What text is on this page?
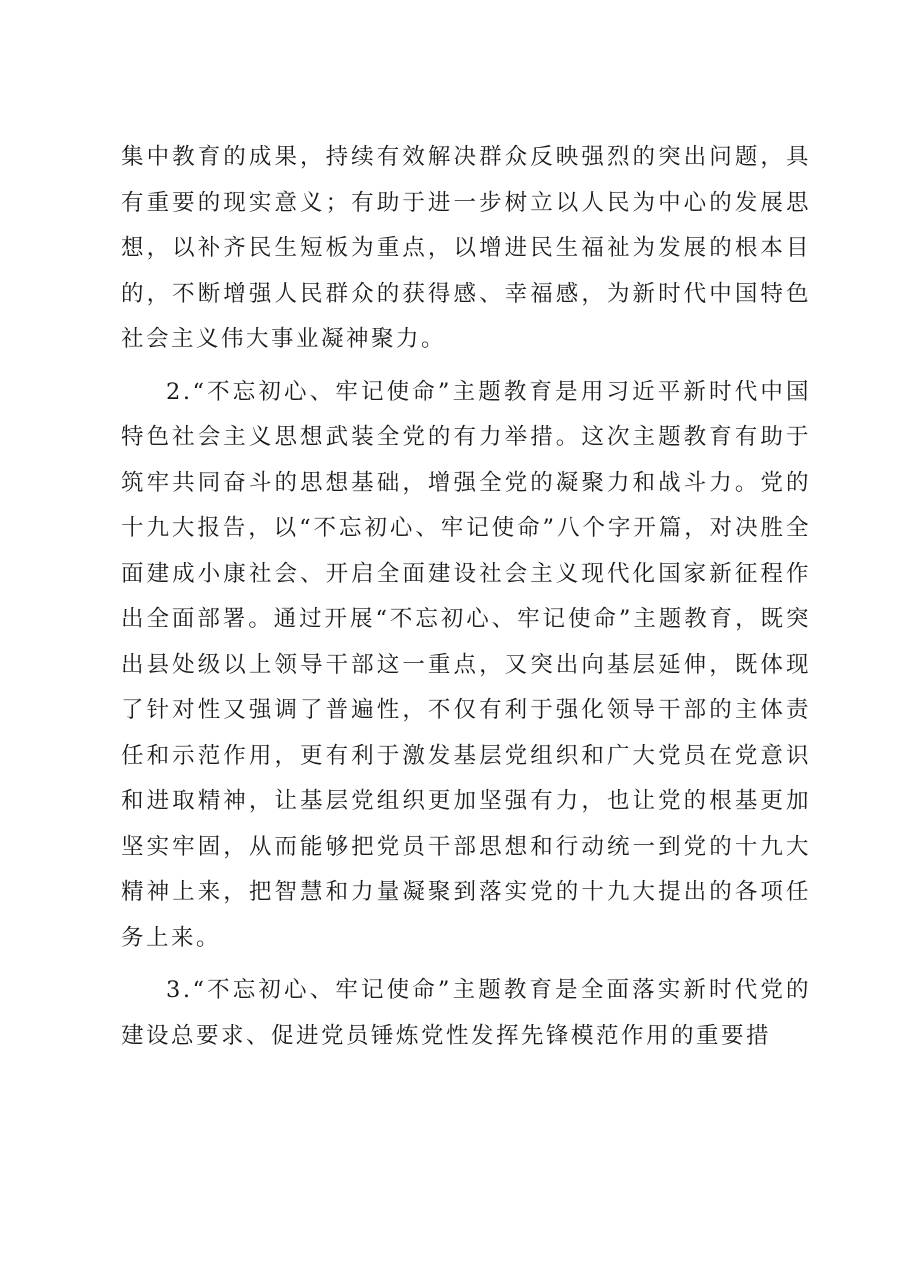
集中教育的成果，持续有效解决群众反映强烈的突出问题，具有重要的现实意义；有助于进一步树立以人民为中心的发展思想，以补齐民生短板为重点，以增进民生福祉为发展的根本目的，不断增强人民群众的获得感、幸福感，为新时代中国特色社会主义伟大事业凝神聚力。

2.“不忘初心、牢记使命”主题教育是用习近平新时代中国特色社会主义思想武装全党的有力举措。这次主题教育有助于筑牢共同奋斗的思想基础，增强全党的凝聚力和战斗力。党的十九大报告，以“不忘初心、牢记使命”八个字开篇，对决胜全面建成小康社会、开启全面建设社会主义现代化国家新征程作出全面部署。通过开展“不忘初心、牢记使命”主题教育，既突出县处级以上领导干部这一重点，又突出向基层延伸，既体现了针对性又强调了普遍性，不仅有利于强化领导干部的主体责任和示范作用，更有利于激发基层党组织和广大党员在党意识和进取精神，让基层党组织更加坚强有力，也让党的根基更加坚实牢固，从而能够把党员干部思想和行动统一到党的十九大精神上来，把智慧和力量凝聚到落实党的十九大提出的各项任务上来。

3.“不忘初心、牢记使命”主题教育是全面落实新时代党的建设总要求、促进党员锤炼党性发挥先锋模范作用的重要措
